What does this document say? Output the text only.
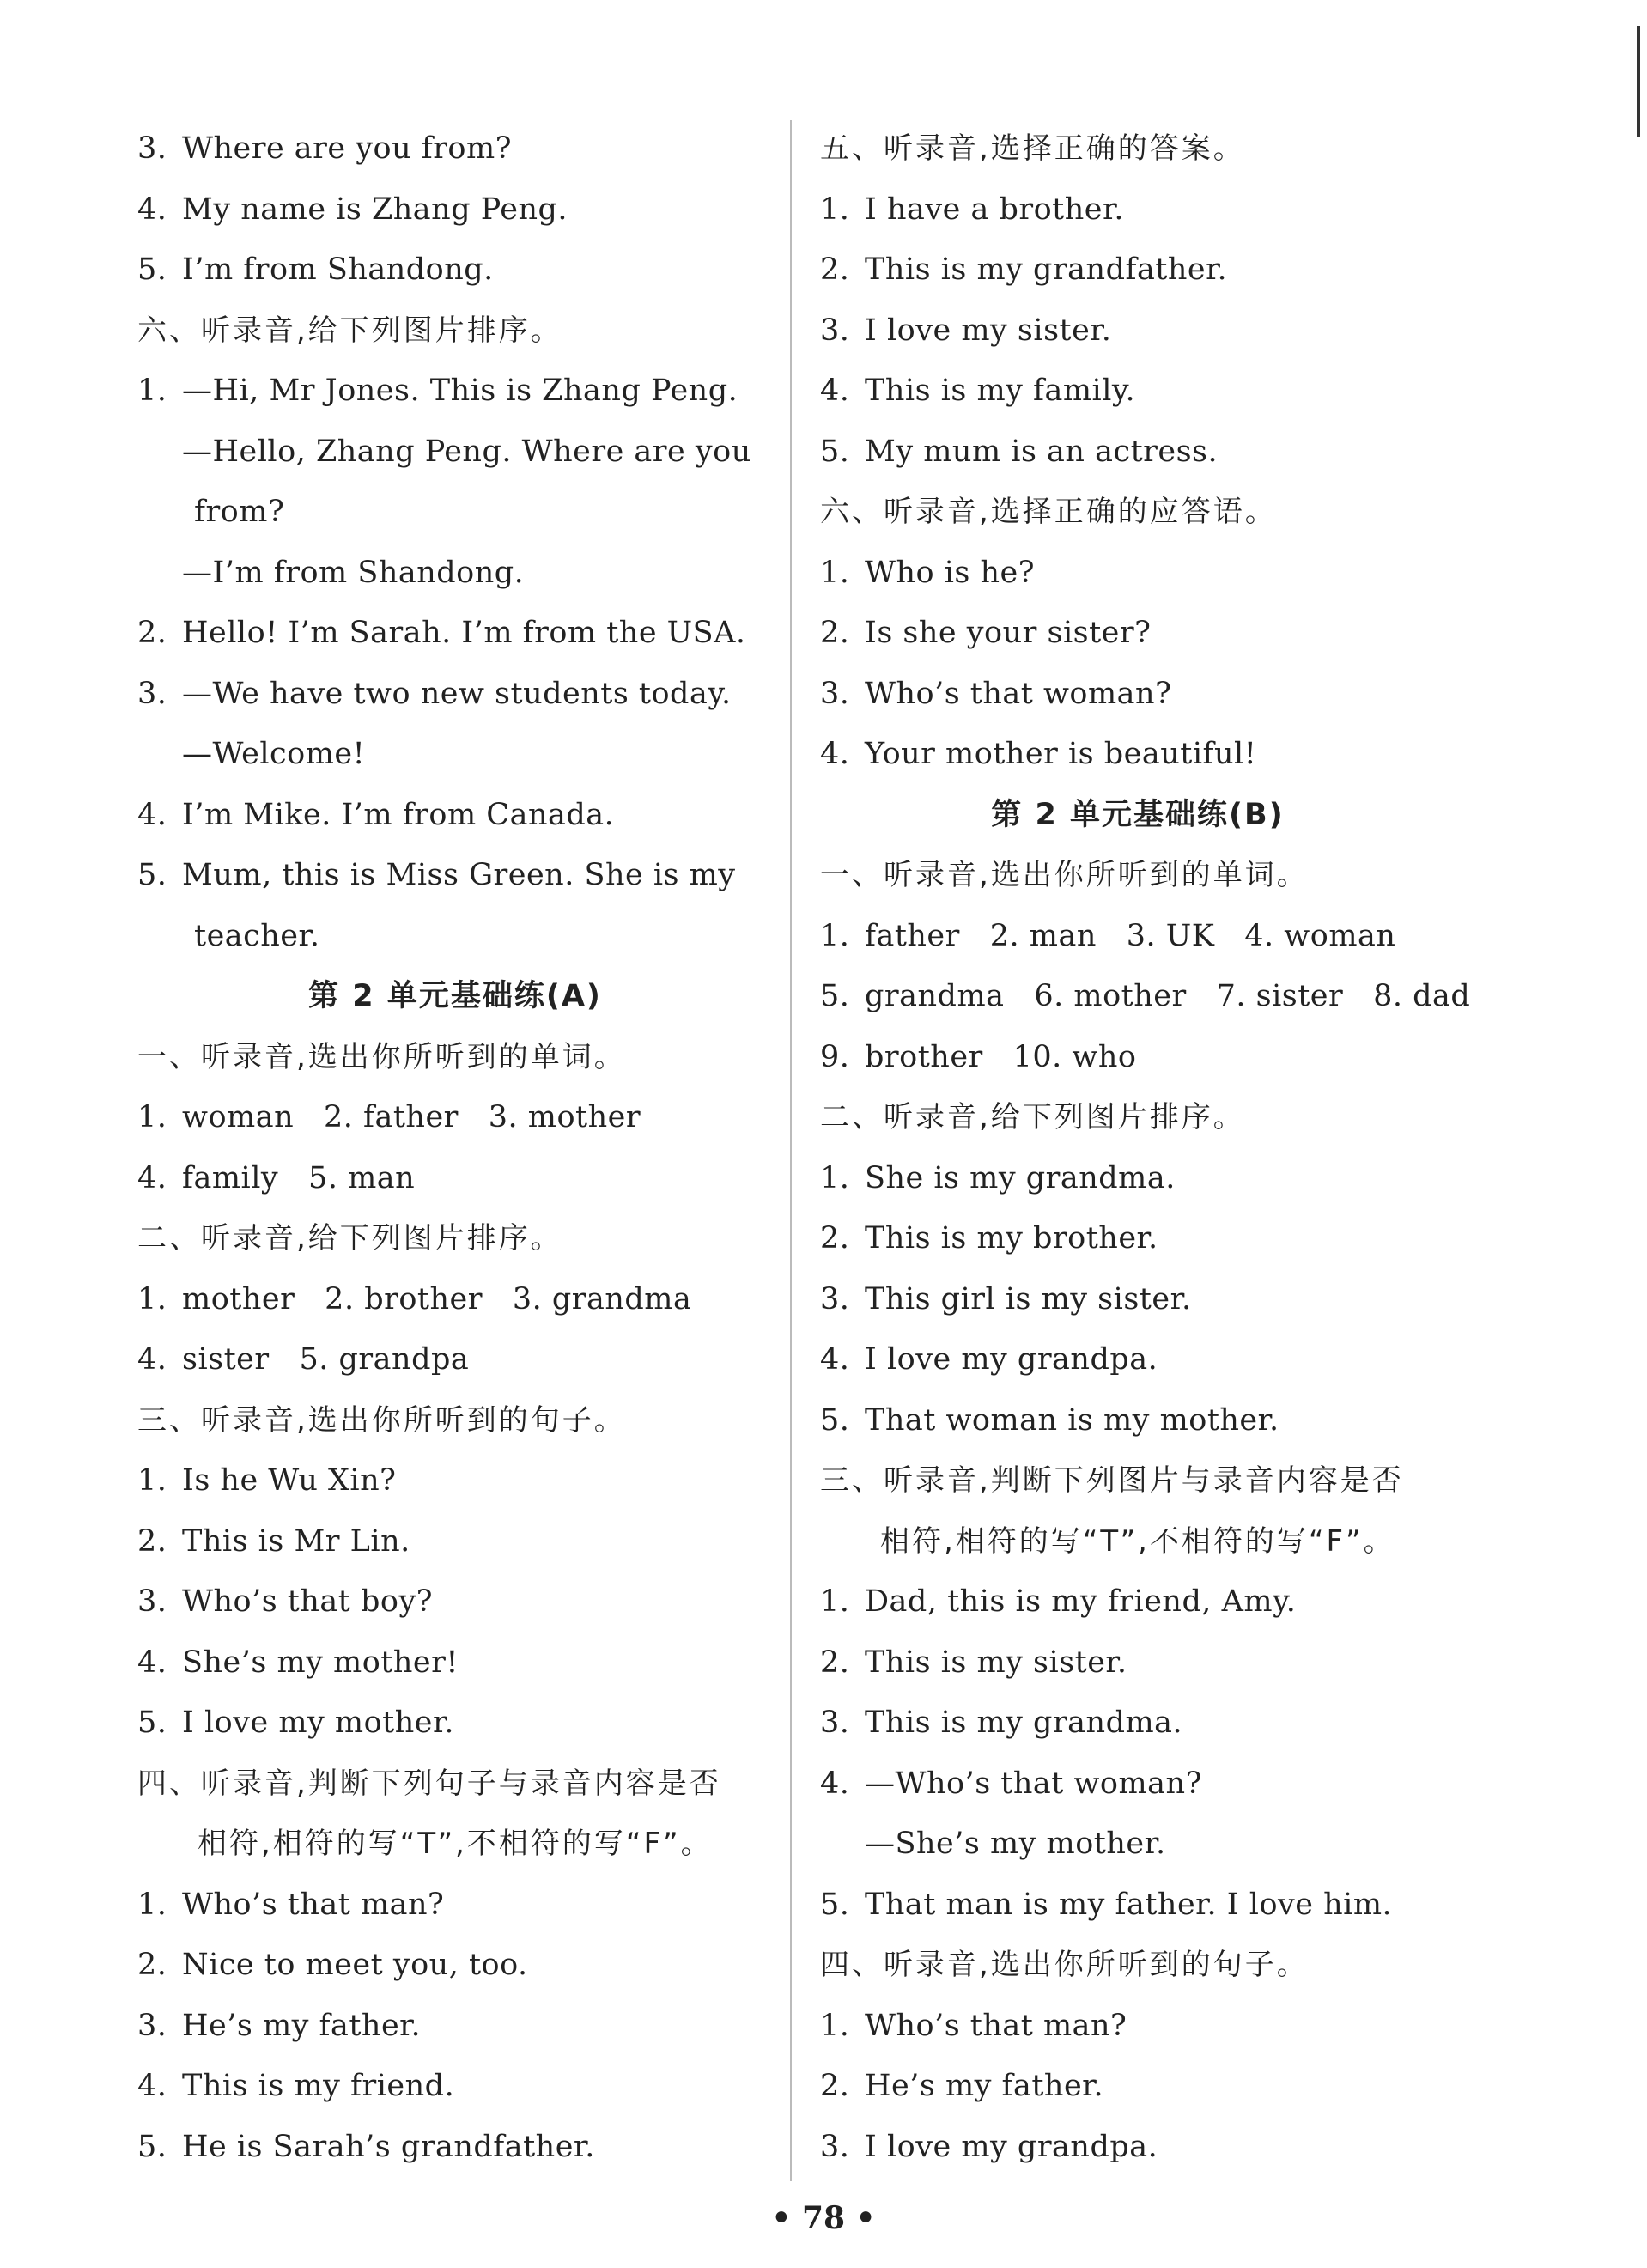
3. Where are you from?
4. My name is Zhang Peng.
5. I’m from Shandong.
六、听录音,给下列图片排序。
1. —Hi, Mr Jones. This is Zhang Peng.
—Hello, Zhang Peng. Where are you
from?
—I’m from Shandong.
2. Hello! I’m Sarah. I’m from the USA.
3. —We have two new students today.
—Welcome!
4. I’m Mike. I’m from Canada.
5. Mum, this is Miss Green. She is my
teacher.
第 2 单元基础练(A)
一、听录音,选出你所听到的单词。
1. woman   2. father   3. mother
4. family   5. man
二、听录音,给下列图片排序。
1. mother   2. brother   3. grandma
4. sister   5. grandpa
三、听录音,选出你所听到的句子。
1. Is he Wu Xin?
2. This is Mr Lin.
3. Who’s that boy?
4. She’s my mother!
5. I love my mother.
四、听录音,判断下列句子与录音内容是否
相符,相符的写“T”,不相符的写“F”。
1. Who’s that man?
2. Nice to meet you, too.
3. He’s my father.
4. This is my friend.
5. He is Sarah’s grandfather.
五、听录音,选择正确的答案。
1. I have a brother.
2. This is my grandfather.
3. I love my sister.
4. This is my family.
5. My mum is an actress.
六、听录音,选择正确的应答语。
1. Who is he?
2. Is she your sister?
3. Who’s that woman?
4. Your mother is beautiful!
第 2 单元基础练(B)
一、听录音,选出你所听到的单词。
1. father   2. man   3. UK   4. woman
5. grandma   6. mother   7. sister   8. dad
9. brother   10. who
二、听录音,给下列图片排序。
1. She is my grandma.
2. This is my brother.
3. This girl is my sister.
4. I love my grandpa.
5. That woman is my mother.
三、听录音,判断下列图片与录音内容是否
相符,相符的写“T”,不相符的写“F”。
1. Dad, this is my friend, Amy.
2. This is my sister.
3. This is my grandma.
4. —Who’s that woman?
—She’s my mother.
5. That man is my father. I love him.
四、听录音,选出你所听到的句子。
1. Who’s that man?
2. He’s my father.
3. I love my grandpa.
• 78 •
